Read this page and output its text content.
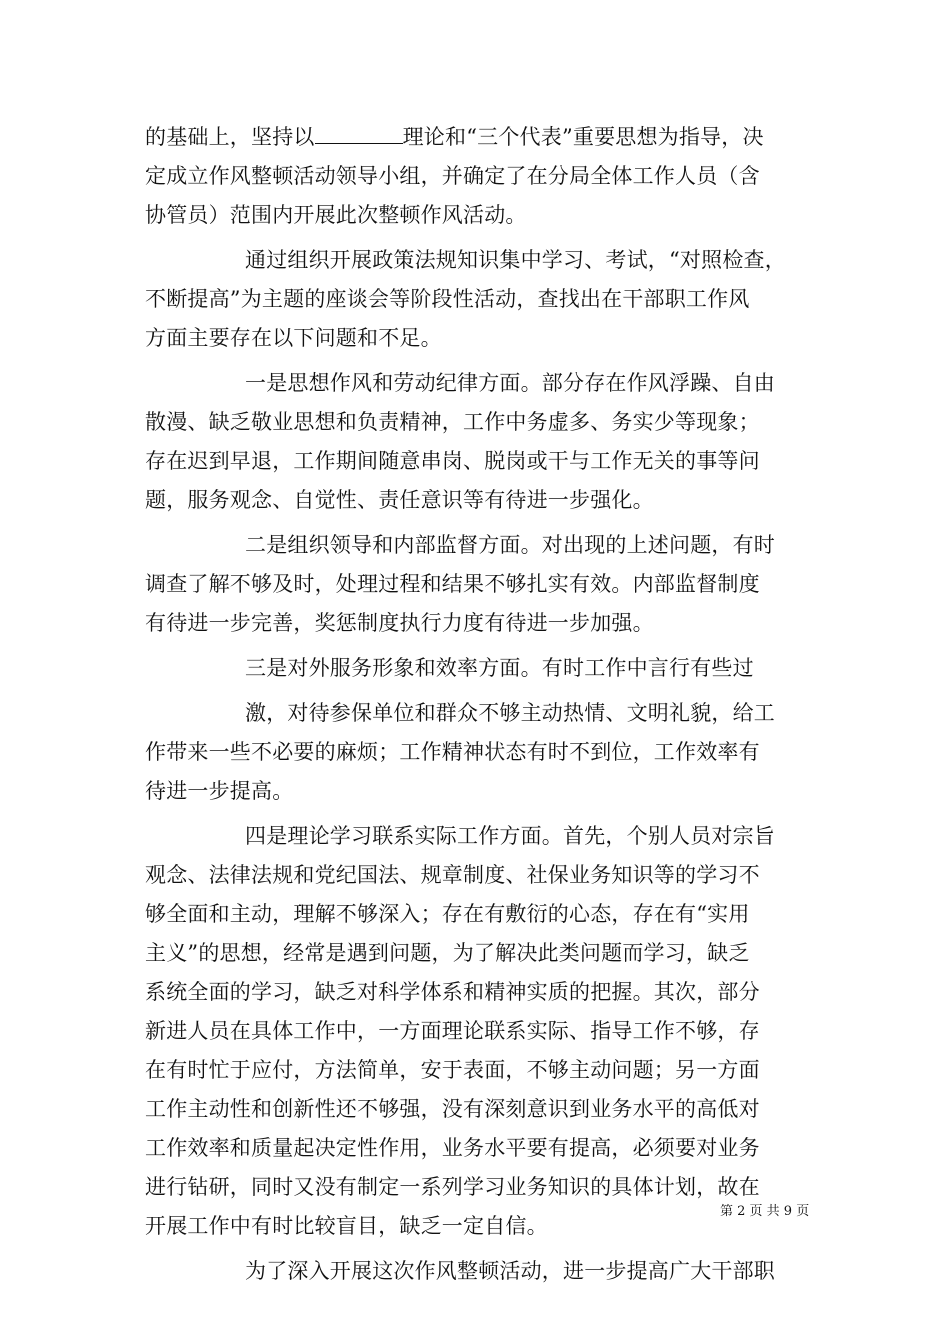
的基础上，坚持以	理论和“三个代表”重要思想为指导，决
定成立作风整顿活动领导小组，并确定了在分局全体工作人员（含
协管员）范围内开展此次整顿作风活动。
通过组织开展政策法规知识集中学习、考试，“对照检查，
不断提高”为主题的座谈会等阶段性活动，查找出在干部职工作风
方面主要存在以下问题和不足。
一是思想作风和劳动纪律方面。部分存在作风浮躁、自由
散漫、缺乏敬业思想和负责精神，工作中务虚多、务实少等现象；
存在迟到早退，工作期间随意串岗、脱岗或干与工作无关的事等问
题，服务观念、自觉性、责任意识等有待进一步强化。
二是组织领导和内部监督方面。对出现的上述问题，有时
调查了解不够及时，处理过程和结果不够扎实有效。内部监督制度
有待进一步完善，奖惩制度执行力度有待进一步加强。
三是对外服务形象和效率方面。有时工作中言行有些过
激，对待参保单位和群众不够主动热情、文明礼貌，给工
作带来一些不必要的麻烦；工作精神状态有时不到位，工作效率有
待进一步提高。
四是理论学习联系实际工作方面。首先，个别人员对宗旨
观念、法律法规和党纪国法、规章制度、社保业务知识等的学习不
够全面和主动，理解不够深入；存在有敷衍的心态，存在有“实用
主义”的思想，经常是遇到问题，为了解决此类问题而学习，缺乏
系统全面的学习，缺乏对科学体系和精神实质的把握。其次，部分
新进人员在具体工作中，一方面理论联系实际、指导工作不够，存
在有时忙于应付，方法简单，安于表面，不够主动问题；另一方面
工作主动性和创新性还不够强，没有深刻意识到业务水平的高低对
工作效率和质量起决定性作用，业务水平要有提高，必须要对业务
进行钻研，同时又没有制定一系列学习业务知识的具体计划，故在
开展工作中有时比较盲目，缺乏一定自信。
为了深入开展这次作风整顿活动，进一步提高广大干部职
第 2 页 共 9 页
